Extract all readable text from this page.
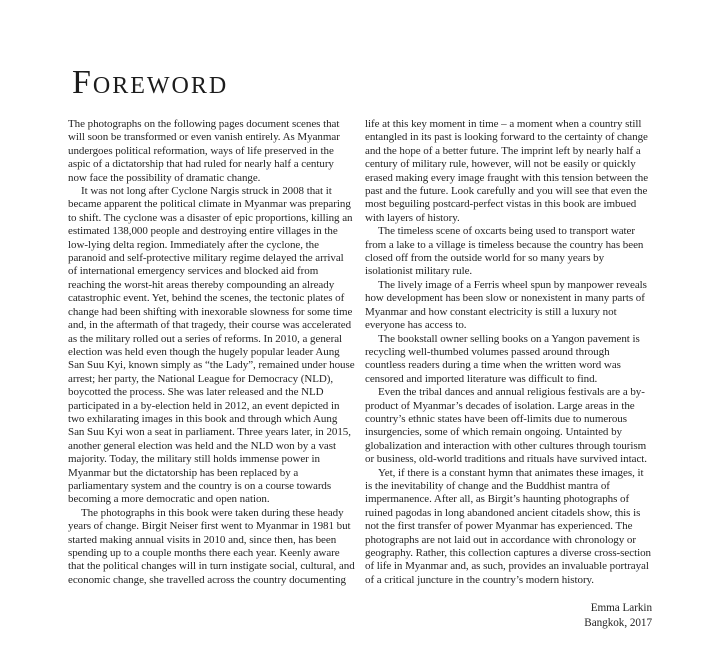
Foreword

The photographs on the following pages document scenes that will soon be transformed or even vanish entirely. As Myanmar undergoes political reformation, ways of life preserved in the aspic of a dictatorship that had ruled for nearly half a century now face the possibility of dramatic change.

It was not long after Cyclone Nargis struck in 2008 that it became apparent the political climate in Myanmar was preparing to shift. The cyclone was a disaster of epic proportions, killing an estimated 138,000 people and destroying entire villages in the low-lying delta region. Immediately after the cyclone, the paranoid and self-protective military regime delayed the arrival of international emergency services and blocked aid from reaching the worst-hit areas thereby compounding an already catastrophic event. Yet, behind the scenes, the tectonic plates of change had been shifting with inexorable slowness for some time and, in the aftermath of that tragedy, their course was accelerated as the military rolled out a series of reforms. In 2010, a general election was held even though the hugely popular leader Aung San Suu Kyi, known simply as “the Lady”, remained under house arrest; her party, the National League for Democracy (NLD), boycotted the process. She was later released and the NLD participated in a by-election held in 2012, an event depicted in two exhilarating images in this book and through which Aung San Suu Kyi won a seat in parliament. Three years later, in 2015, another general election was held and the NLD won by a vast majority. Today, the military still holds immense power in Myanmar but the dictatorship has been replaced by a parliamentary system and the country is on a course towards becoming a more democratic and open nation.

The photographs in this book were taken during these heady years of change. Birgit Neiser first went to Myanmar in 1981 but started making annual visits in 2010 and, since then, has been spending up to a couple months there each year. Keenly aware that the political changes will in turn instigate social, cultural, and economic change, she travelled across the country documenting

life at this key moment in time – a moment when a country still entangled in its past is looking forward to the certainty of change and the hope of a better future. The imprint left by nearly half a century of military rule, however, will not be easily or quickly erased making every image fraught with this tension between the past and the future. Look carefully and you will see that even the most beguiling postcard-perfect vistas in this book are imbued with layers of history.

The timeless scene of oxcarts being used to transport water from a lake to a village is timeless because the country has been closed off from the outside world for so many years by isolationist military rule.

The lively image of a Ferris wheel spun by manpower reveals how development has been slow or nonexistent in many parts of Myanmar and how constant electricity is still a luxury not everyone has access to.

The bookstall owner selling books on a Yangon pavement is recycling well-thumbed volumes passed around through countless readers during a time when the written word was censored and imported literature was difficult to find.

Even the tribal dances and annual religious festivals are a by-product of Myanmar’s decades of isolation. Large areas in the country’s ethnic states have been off-limits due to numerous insurgencies, some of which remain ongoing. Untainted by globalization and interaction with other cultures through tourism or business, old-world traditions and rituals have survived intact.

Yet, if there is a constant hymn that animates these images, it is the inevitability of change and the Buddhist mantra of impermanence. After all, as Birgit’s haunting photographs of ruined pagodas in long abandoned ancient citadels show, this is not the first transfer of power Myanmar has experienced. The photographs are not laid out in accordance with chronology or geography. Rather, this collection captures a diverse cross-section of life in Myanmar and, as such, provides an invaluable portrayal of a critical juncture in the country’s modern history.

Emma Larkin
Bangkok, 2017
